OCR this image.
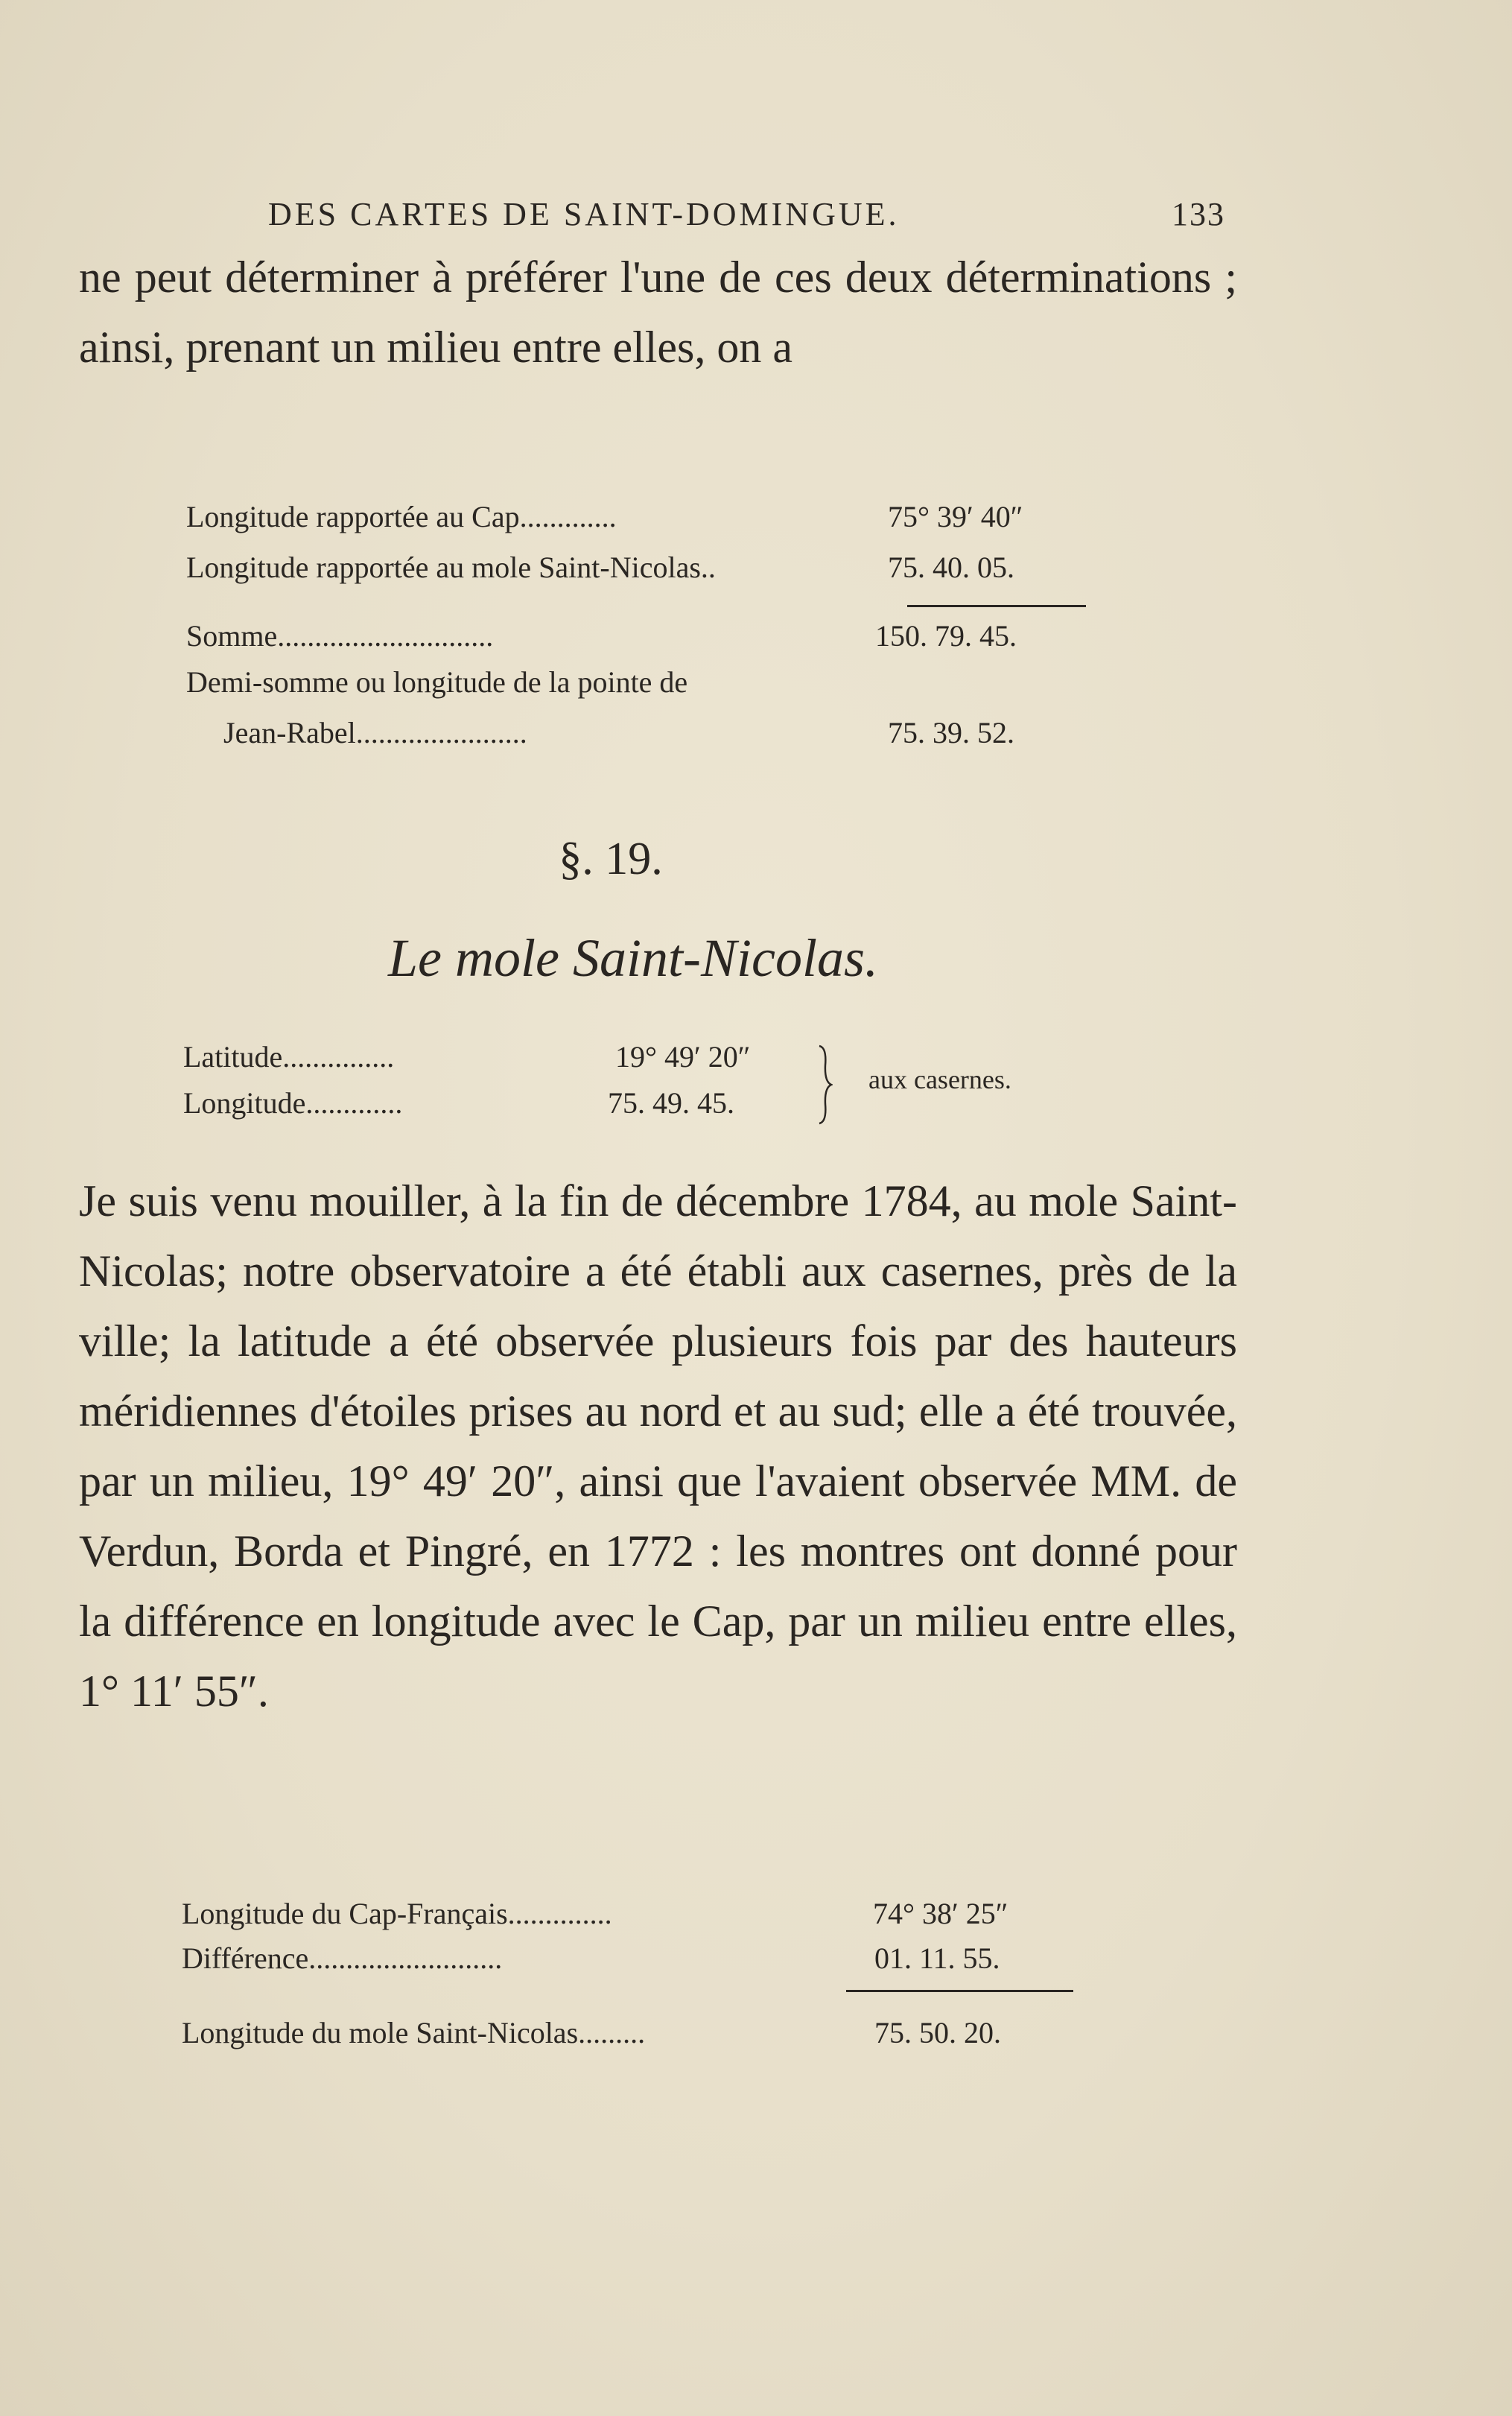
DES CARTES DE SAINT-DOMINGUE.	133
ne peut déterminer à préférer l'une de ces deux déterminations ; ainsi, prenant un milieu entre elles, on a
Longitude rapportée au Cap.............	75° 39′ 40″
Longitude rapportée au mole Saint-Nicolas..	75. 40. 05.
Somme.............................	150. 79. 45.
Demi-somme ou longitude de la pointe de
Jean-Rabel.......................	75. 39. 52.
§. 19.
Le mole Saint-Nicolas.
Latitude...............	19° 49′ 20″
Longitude.............	75. 49. 45.
aux casernes.
Je suis venu mouiller, à la fin de décembre 1784, au mole Saint-Nicolas; notre observatoire a été établi aux casernes, près de la ville; la latitude a été observée plusieurs fois par des hauteurs méridiennes d'étoiles prises au nord et au sud; elle a été trouvée, par un milieu, 19° 49′ 20″, ainsi que l'avaient observée MM. de Verdun, Borda et Pingré, en 1772 : les montres ont donné pour la différence en longitude avec le Cap, par un milieu entre elles, 1° 11′ 55″.
Longitude du Cap-Français..............	74° 38′ 25″
Différence..........................	01. 11. 55.
Longitude du mole Saint-Nicolas.........	75. 50. 20.
